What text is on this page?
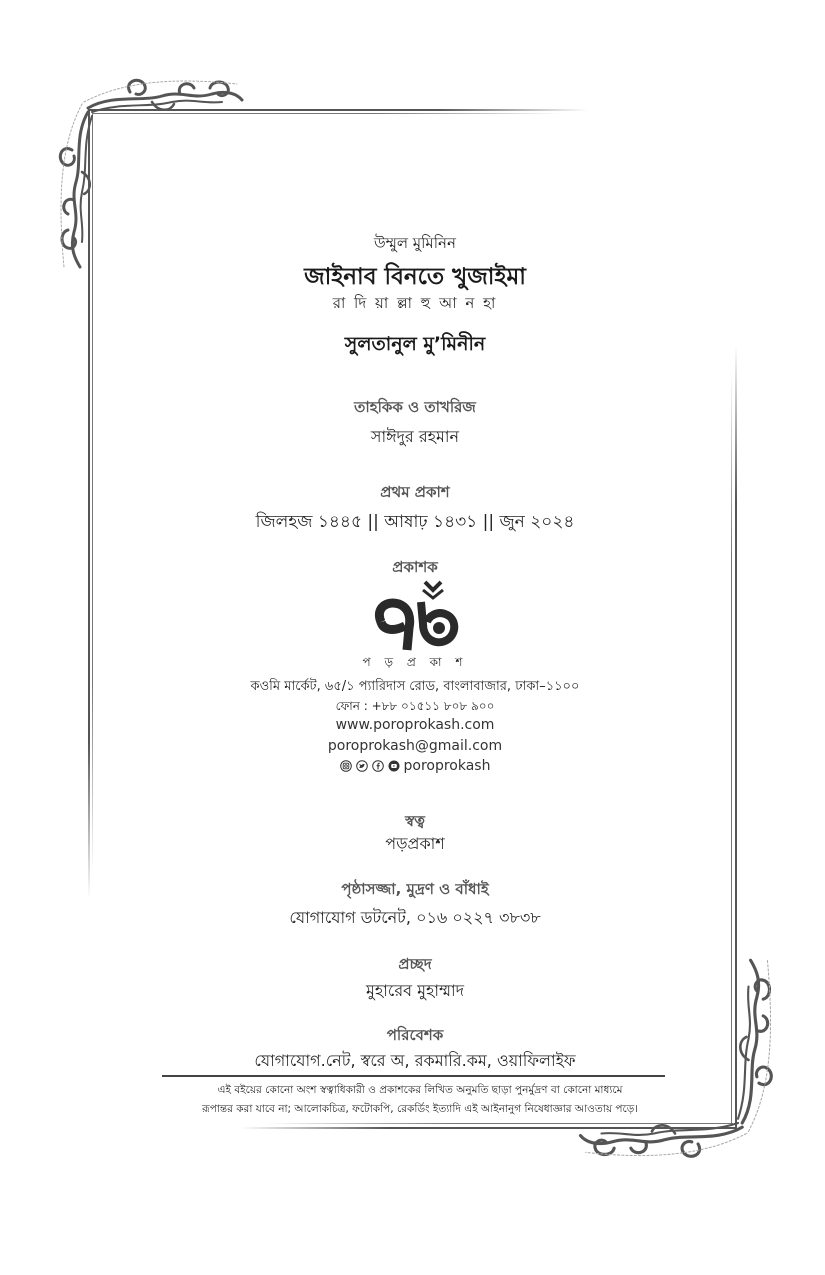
উম্মুল মুমিনিন
জাইনাব বিনতে খুজাইমা
রা দি য়া ল্লা হু আ ন হা
সুলতানুল মু’মিনীন
তাহকিক ও তাখরিজ
সাঈদুর রহমান
প্রথম প্রকাশ
জিলহজ ১৪৪৫ || আষাঢ় ১৪৩১ || জুন ২০২৪
প্রকাশক
প ড় প্র কা শ
কওমি মার্কেট, ৬৫/১ প্যারিদাস রোড, বাংলাবাজার, ঢাকা–১১০০
ফোন : +৮৮ ০১৫১১ ৮০৮ ৯০০
www.poroprokash.com
poroprokash@gmail.com
poroprokash
স্বত্ব
পড়প্রকাশ
পৃষ্ঠাসজ্জা, মুদ্রণ ও বাঁধাই
যোগাযোগ ডটনেট, ০১৬ ০২২৭ ৩৮৩৮
প্রচ্ছদ
মুহারেব মুহাম্মাদ
পরিবেশক
যোগাযোগ.নেট, স্বরে অ, রকমারি.কম, ওয়াফিলাইফ
এই বইয়ের কোনো অংশ স্বত্বাধিকারী ও প্রকাশকের লিখিত অনুমতি ছাড়া পুনর্মুদ্রণ বা কোনো মাধ্যমে
রূপান্তর করা যাবে না; আলোকচিত্র, ফটোকপি, রেকর্ডিং ইত্যাদি এই আইনানুগ নিষেধাজ্ঞার আওতায় পড়ে।
